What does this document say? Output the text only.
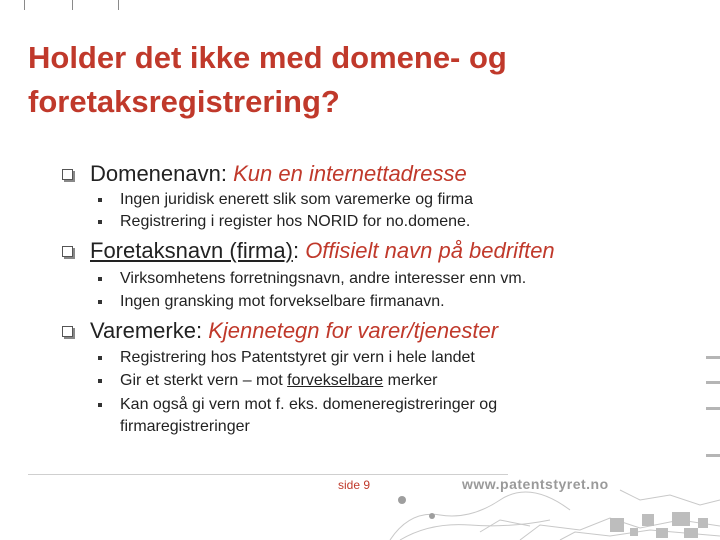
Holder det ikke med domene- og
foretaksregistrering?
Domenenavn: Kun en internettadresse
Ingen juridisk enerett slik som varemerke og firma
Registrering i register hos NORID for no.domene.
Foretaksnavn (firma): Offisielt navn på bedriften
Virksomhetens forretningsnavn, andre interesser enn vm.
Ingen gransking mot forvekselbare firmanavn.
Varemerke: Kjennetegn for varer/tjenester
Registrering hos Patentstyret gir vern i hele landet
Gir et sterkt vern – mot forvekselbare merker
Kan også gi vern mot f. eks. domeneregistreringer og firmaregistreringer
side 9	www.patentstyret.no
